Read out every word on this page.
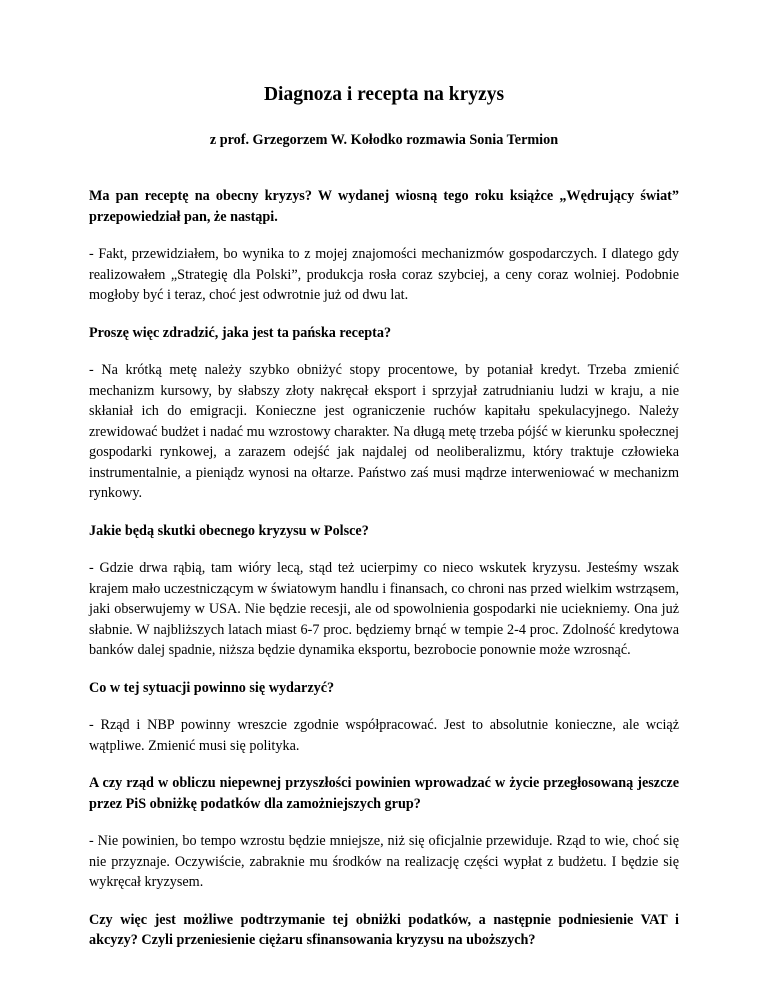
Diagnoza i recepta na kryzys

z prof. Grzegorzem W. Kołodko rozmawia Sonia Termion

Ma pan receptę na obecny kryzys? W wydanej wiosną tego roku książce „Wędrujący świat” przepowiedział pan, że nastąpi.

- Fakt, przewidziałem, bo wynika to z mojej znajomości mechanizmów gospodarczych. I dlatego gdy realizowałem „Strategię dla Polski”, produkcja rosła coraz szybciej, a ceny coraz wolniej. Podobnie mogłoby być i teraz, choć jest odwrotnie już od dwu lat.

Proszę więc zdradzić, jaka jest ta pańska recepta?

- Na krótką metę należy szybko obniżyć stopy procentowe, by potaniał kredyt. Trzeba zmienić mechanizm kursowy, by słabszy złoty nakręcał eksport i sprzyjał zatrudnianiu ludzi w kraju, a nie skłaniał ich do emigracji. Konieczne jest ograniczenie ruchów kapitału spekulacyjnego. Należy zrewidować budżet i nadać mu wzrostowy charakter. Na długą metę trzeba pójść w kierunku społecznej gospodarki rynkowej, a zarazem odejść jak najdalej od neoliberalizmu, który traktuje człowieka instrumentalnie, a pieniądz wynosi na ołtarze. Państwo zaś musi mądrze interweniować w mechanizm rynkowy.

Jakie będą skutki obecnego kryzysu w Polsce?

- Gdzie drwa rąbią, tam wióry lecą, stąd też ucierpimy co nieco wskutek kryzysu. Jesteśmy wszak krajem mało uczestniczącym w światowym handlu i finansach, co chroni nas przed wielkim wstrząsem, jaki obserwujemy w USA. Nie będzie recesji, ale od spowolnienia gospodarki nie uciekniemy. Ona już słabnie. W najbliższych latach miast 6-7 proc. będziemy brnąć w tempie 2-4 proc. Zdolność kredytowa banków dalej spadnie, niższa będzie dynamika eksportu, bezrobocie ponownie może wzrosnąć.

Co w tej sytuacji powinno się wydarzyć?

- Rząd i NBP powinny wreszcie zgodnie współpracować. Jest to absolutnie konieczne, ale wciąż wątpliwe. Zmienić musi się polityka.

A czy rząd w obliczu niepewnej przyszłości powinien wprowadzać w życie przegłosowaną jeszcze przez PiS obniżkę podatków dla zamożniejszych grup?

- Nie powinien, bo tempo wzrostu będzie mniejsze, niż się oficjalnie przewiduje. Rząd to wie, choć się nie przyznaje. Oczywiście, zabraknie mu środków na realizację części wypłat z budżetu. I będzie się wykręcał kryzysem.

Czy więc jest możliwe podtrzymanie tej obniżki podatków, a następnie podniesienie VAT i akcyzy? Czyli przeniesienie ciężaru sfinansowania kryzysu na uboższych?
